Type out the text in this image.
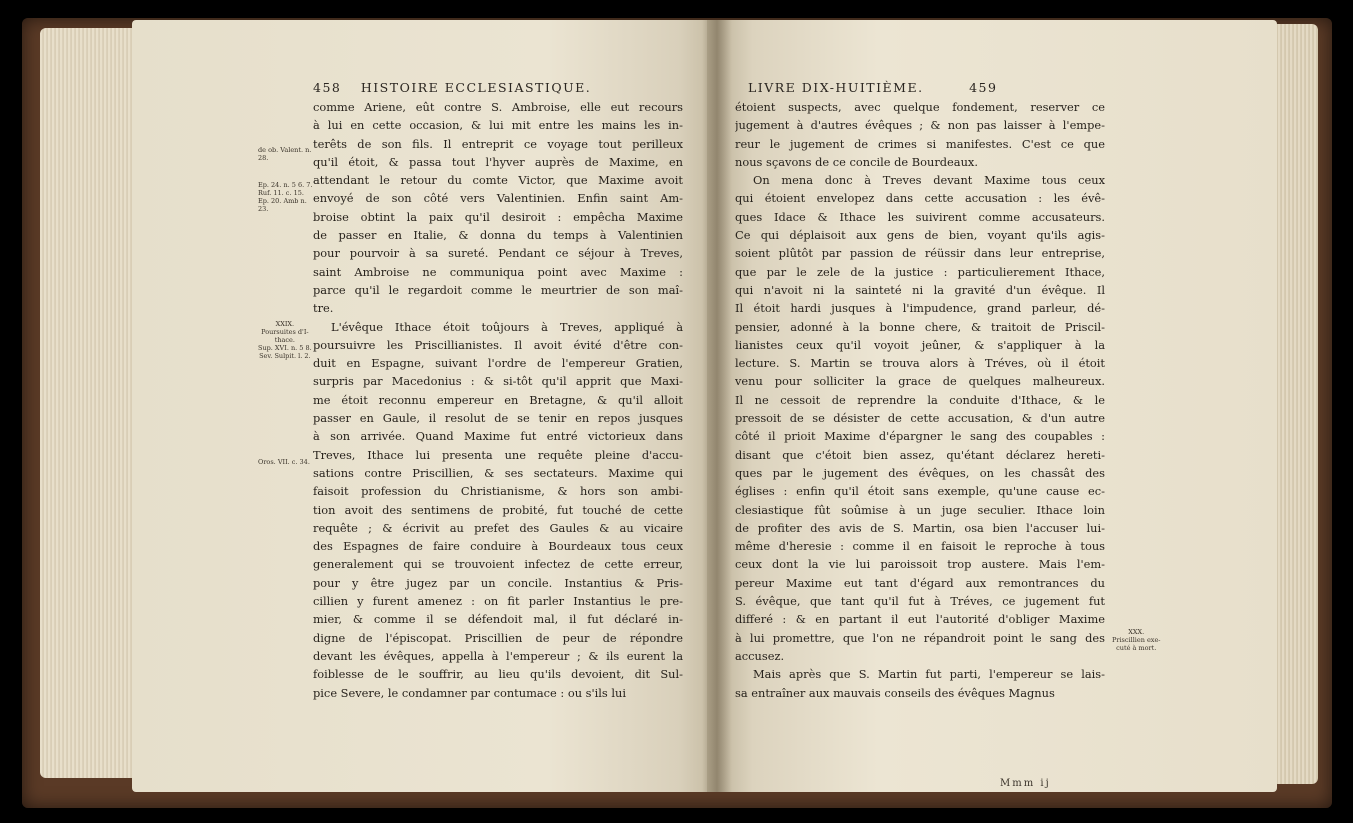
458 HISTOIRE ECCLESIASTIQUE.	LIVRE DIX-HUITIÈME.	459
comme Ariene, eût contre S. Ambroise, elle eut recours
à lui en cette occasion, & lui mit entre les mains les in-
terêts de son fils. Il entreprit ce voyage tout perilleux
qu'il étoit, & passa tout l'hyver auprès de Maxime, en
attendant le retour du comte Victor, que Maxime avoit
envoyé de son côté vers Valentinien. Enfin saint Am-
broise obtint la paix qu'il desiroit : empêcha Maxime
de passer en Italie, & donna du temps à Valentinien
pour pourvoir à sa sureté. Pendant ce séjour à Treves,
saint Ambroise ne communiqua point avec Maxime :
parce qu'il le regardoit comme le meurtrier de son maî-
tre.
L'évêque Ithace étoit toûjours à Treves, appliqué à
poursuivre les Priscillianistes. Il avoit évité d'être con-
duit en Espagne, suivant l'ordre de l'empereur Gratien,
surpris par Macedonius : & si-tôt qu'il apprit que Maxi-
me étoit reconnu empereur en Bretagne, & qu'il alloit
passer en Gaule, il resolut de se tenir en repos jusques
à son arrivée. Quand Maxime fut entré victorieux dans
Treves, Ithace lui presenta une requête pleine d'accu-
sations contre Priscillien, & ses sectateurs. Maxime qui
faisoit profession du Christianisme, & hors son ambi-
tion avoit des sentimens de probité, fut touché de cette
requête ; & écrivit au prefet des Gaules & au vicaire
des Espagnes de faire conduire à Bourdeaux tous ceux
generalement qui se trouvoient infectez de cette erreur,
pour y être jugez par un concile. Instantius & Pris-
cillien y furent amenez : on fit parler Instantius le pre-
mier, & comme il se défendoit mal, il fut déclaré in-
digne de l'épiscopat. Priscillien de peur de répondre
devant les évêques, appella à l'empereur ; & ils eurent la
foiblesse de le souffrir, au lieu qu'ils devoient, dit Sul-
pice Severe, le condamner par contumace : ou s'ils lui
étoient suspects, avec quelque fondement, reserver ce
jugement à d'autres évêques ; & non pas laisser à l'empe-
reur le jugement de crimes si manifestes. C'est ce que
nous sçavons de ce concile de Bourdeaux.
On mena donc à Treves devant Maxime tous ceux
qui étoient envelopez dans cette accusation : les évê-
ques Idace & Ithace les suivirent comme accusateurs.
Ce qui déplaisoit aux gens de bien, voyant qu'ils agis-
soient plûtôt par passion de réüssir dans leur entreprise,
que par le zele de la justice : particulierement Ithace,
qui n'avoit ni la sainteté ni la gravité d'un évêque. Il
Il étoit hardi jusques à l'impudence, grand parleur, dé-
pensier, adonné à la bonne chere, & traitoit de Priscil-
lianistes ceux qu'il voyoit jeûner, & s'appliquer à la
lecture. S. Martin se trouva alors à Tréves, où il étoit
venu pour solliciter la grace de quelques malheureux.
Il ne cessoit de reprendre la conduite d'Ithace, & le
pressoit de se désister de cette accusation, & d'un autre
côté il prioit Maxime d'épargner le sang des coupables :
disant que c'étoit bien assez, qu'étant déclarez hereti-
ques par le jugement des évêques, on les chassât des
églises : enfin qu'il étoit sans exemple, qu'une cause ec-
clesiastique fût soûmise à un juge seculier. Ithace loin
de profiter des avis de S. Martin, osa bien l'accuser lui-
même d'heresie : comme il en faisoit le reproche à tous
ceux dont la vie lui paroissoit trop austere. Mais l'em-
pereur Maxime eut tant d'égard aux remontrances du
S. évêque, que tant qu'il fut à Tréves, ce jugement fut
differé : & en partant il eut l'autorité d'obliger Maxime
à lui promettre, que l'on ne répandroit point le sang des
accusez.
Mais après que S. Martin fut parti, l'empereur se lais-
sa entraîner aux mauvais conseils des évêques Magnus
de ob. Valent. n.
28.
Ep. 24. n. 5 6. 7.
Ruf. 11. c. 15.
Ep. 20. Amb n.
23.
XXIX.
Poursuites d'I-
thace.
Sup. XVI. n. 5 8.
Sev. Sulpit. l. 2.
Oros. VII. c. 34.
XXX.
Priscillien exe-
cuté à mort.
Mmm ij
